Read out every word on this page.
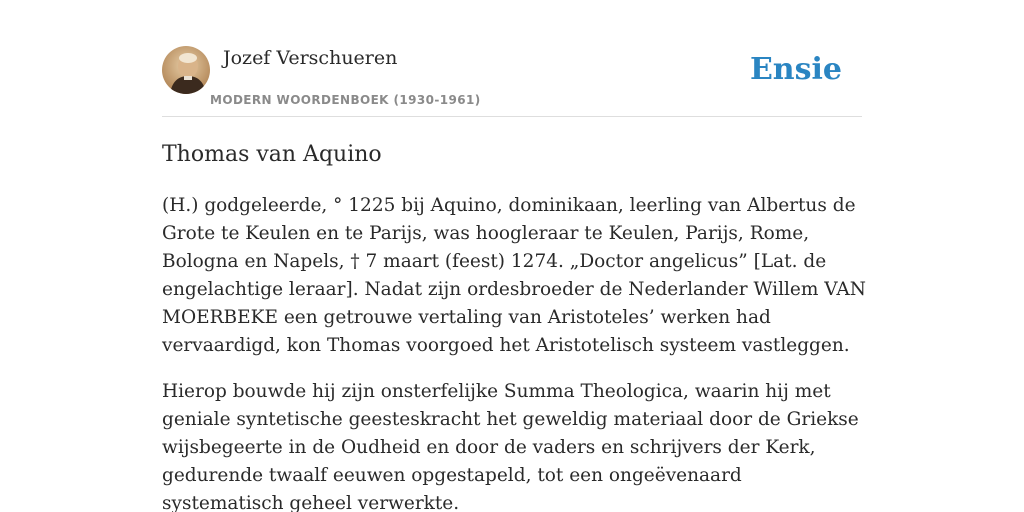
Jozef Verschueren
MODERN WOORDENBOEK (1930-1961)
Ensie
Thomas van Aquino

(H.) godgeleerde, ° 1225 bij Aquino, dominikaan, leerling van Albertus de Grote te Keulen en te Parijs, was hoogleraar te Keulen, Parijs, Rome, Bologna en Napels, † 7 maart (feest) 1274. „Doctor angelicus” [Lat. de engelachtige leraar]. Nadat zijn ordesbroeder de Nederlander Willem VAN MOERBEKE een getrouwe vertaling van Aristoteles’ werken had vervaardigd, kon Thomas voorgoed het Aristotelisch systeem vastleggen.

Hierop bouwde hij zijn onsterfelijke Summa Theologica, waarin hij met geniale syntetische geesteskracht het geweldig materiaal door de Griekse wijsbegeerte in de Oudheid en door de vaders en schrijvers der Kerk, gedurende twaalf eeuwen opgestapeld, tot een ongeëvenaard systematisch geheel verwerkte.
